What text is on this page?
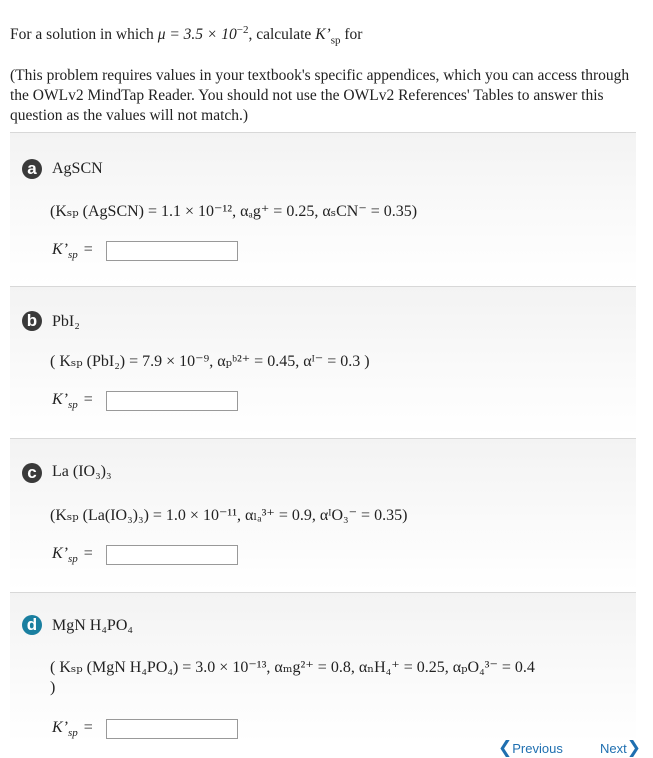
For a solution in which $\mu = 3.5 \times 10^{-2}$, calculate $K’_{sp}$ for
(This problem requires values in your textbook's specific appendices, which you can access through the OWLv2 MindTap Reader. You should not use the OWLv2 References' Tables to answer this question as the values will not match.)
a AgSCN
(Kₛₚ (AgSCN) = 1.1 × 10⁻¹², αₐg⁺ = 0.25, αₛCN⁻ = 0.35)
$K’_{sp}$ =
b PbI₂
( Kₛₚ (PbI₂) = 7.9 × 10⁻⁹, αₚᵇ²⁺ = 0.45, αᴵ⁻ = 0.3 )
$K’_{sp}$ =
c La (IO₃)₃
(Kₛₚ (La(IO₃)₃) = 1.0 × 10⁻¹¹, αₗₐ³⁺ = 0.9, αᴵO₃⁻ = 0.35)
$K’_{sp}$ =
d MgN H₄PO₄
( Kₛₚ (MgN H₄PO₄) = 3.0 × 10⁻¹³, αₘg²⁺ = 0.8, αₙH₄⁺ = 0.25, αₚO₄³⁻ = 0.4
)
$K’_{sp}$ =
❮Previous	Next❯
